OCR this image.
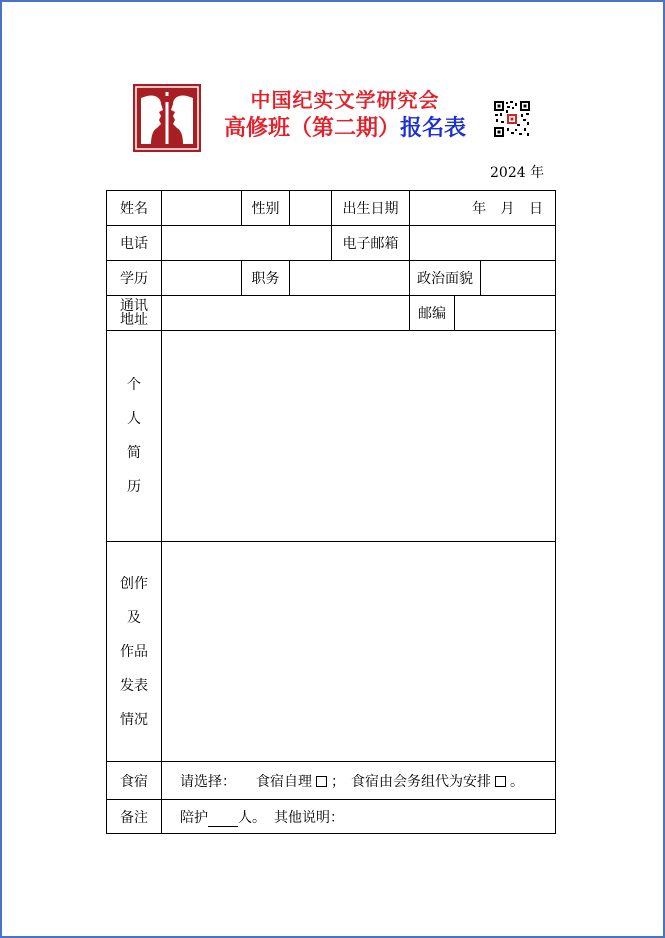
中国纪实文学研究会
高修班（第二期）报名表
2024 年
姓名		性别		出生日期	年 月 日		
电话				电子邮箱			
学历		职务			政治面貌		
通讯
地址					邮编		

个
人
简
历							

创作
及
作品
发表
情况							

食宿	请选择： 食宿自理 ； 食宿由会务组代为安排 。						
备注	陪护 人。 其他说明：						
